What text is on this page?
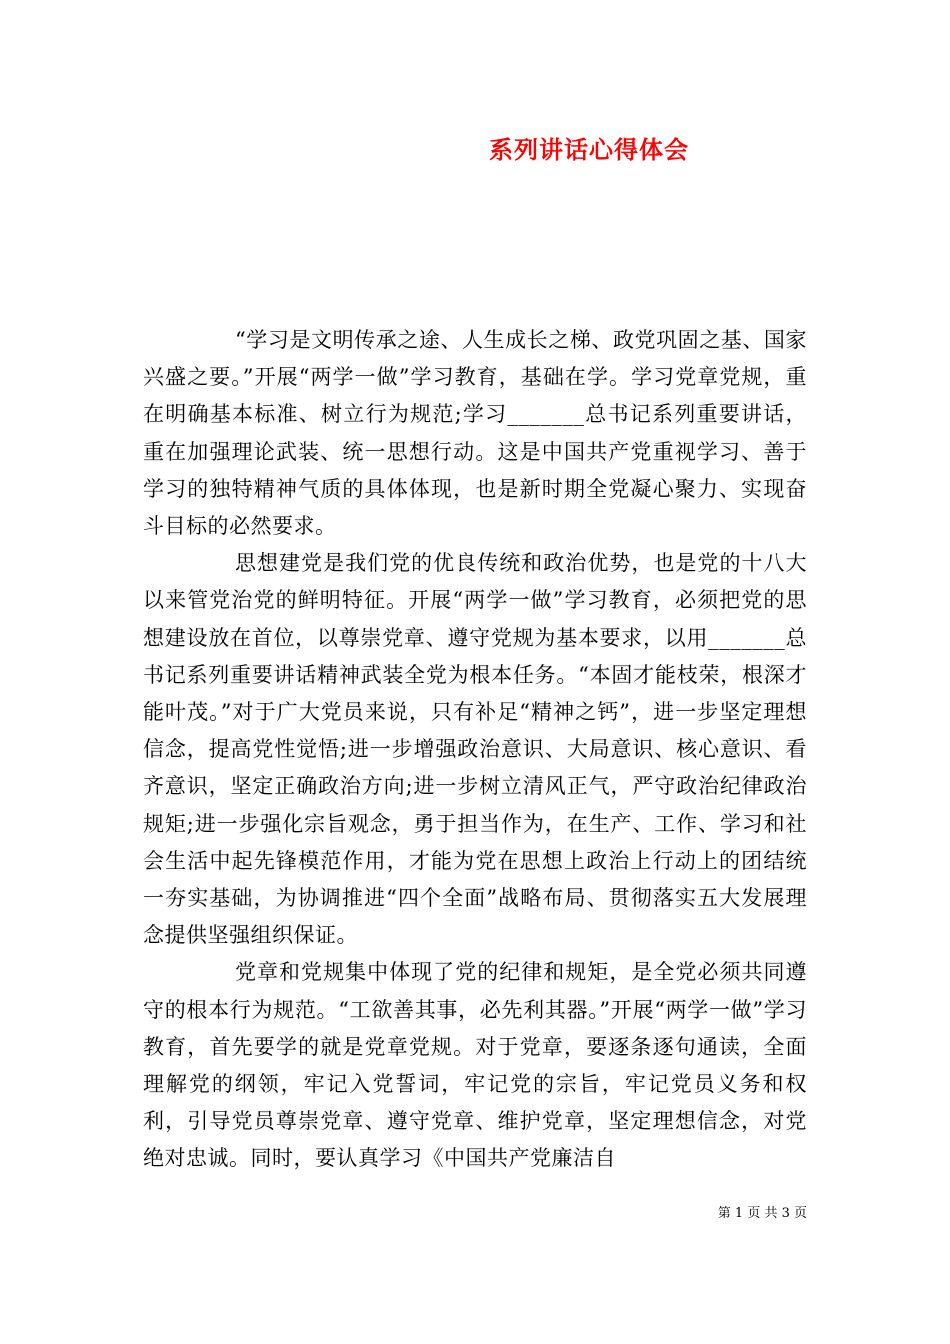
系列讲话心得体会

“学习是文明传承之途、人生成长之梯、政党巩固之基、国家兴盛之要。”开展“两学一做”学习教育，基础在学。学习党章党规，重在明确基本标准、树立行为规范;学习_______总书记系列重要讲话，重在加强理论武装、统一思想行动。这是中国共产党重视学习、善于学习的独特精神气质的具体体现，也是新时期全党凝心聚力、实现奋斗目标的必然要求。

思想建党是我们党的优良传统和政治优势，也是党的十八大以来管党治党的鲜明特征。开展“两学一做”学习教育，必须把党的思想建设放在首位，以尊崇党章、遵守党规为基本要求，以用_______总书记系列重要讲话精神武装全党为根本任务。“本固才能枝荣，根深才能叶茂。”对于广大党员来说，只有补足“精神之钙”，进一步坚定理想信念，提高党性觉悟;进一步增强政治意识、大局意识、核心意识、看齐意识，坚定正确政治方向;进一步树立清风正气，严守政治纪律政治规矩;进一步强化宗旨观念，勇于担当作为，在生产、工作、学习和社会生活中起先锋模范作用，才能为党在思想上政治上行动上的团结统一夯实基础，为协调推进“四个全面”战略布局、贯彻落实五大发展理念提供坚强组织保证。

党章和党规集中体现了党的纪律和规矩，是全党必须共同遵守的根本行为规范。“工欲善其事，必先利其器。”开展“两学一做”学习教育，首先要学的就是党章党规。对于党章，要逐条逐句通读，全面理解党的纲领，牢记入党誓词，牢记党的宗旨，牢记党员义务和权利，引导党员尊崇党章、遵守党章、维护党章，坚定理想信念，对党绝对忠诚。同时，要认真学习《中国共产党廉洁自

第 1 页 共 3 页
